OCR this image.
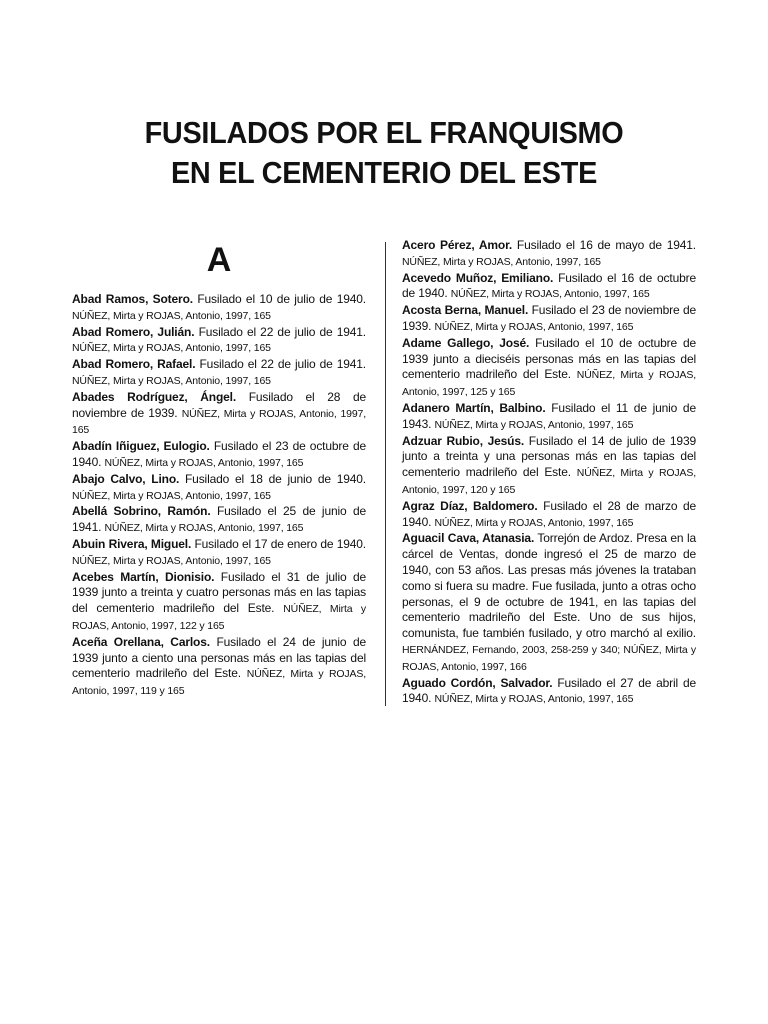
FUSILADOS POR EL FRANQUISMO
EN EL CEMENTERIO DEL ESTE
A

Abad Ramos, Sotero. Fusilado el 10 de julio de 1940. NÚÑEZ, Mirta y ROJAS, Antonio, 1997, 165

Abad Romero, Julián. Fusilado el 22 de julio de 1941. NÚÑEZ, Mirta y ROJAS, Antonio, 1997, 165

Abad Romero, Rafael. Fusilado el 22 de julio de 1941. NÚÑEZ, Mirta y ROJAS, Antonio, 1997, 165

Abades Rodríguez, Ángel. Fusilado el 28 de noviembre de 1939. NÚÑEZ, Mirta y ROJAS, Antonio, 1997, 165

Abadín Iñiguez, Eulogio. Fusilado el 23 de octubre de 1940. NÚÑEZ, Mirta y ROJAS, Antonio, 1997, 165

Abajo Calvo, Lino. Fusilado el 18 de junio de 1940. NÚÑEZ, Mirta y ROJAS, Antonio, 1997, 165

Abellá Sobrino, Ramón. Fusilado el 25 de junio de 1941. NÚÑEZ, Mirta y ROJAS, Antonio, 1997, 165

Abuin Rivera, Miguel. Fusilado el 17 de enero de 1940. NÚÑEZ, Mirta y ROJAS, Antonio, 1997, 165

Acebes Martín, Dionisio. Fusilado el 31 de julio de 1939 junto a treinta y cuatro personas más en las tapias del cementerio madrileño del Este. NÚÑEZ, Mirta y ROJAS, Antonio, 1997, 122 y 165

Aceña Orellana, Carlos. Fusilado el 24 de junio de 1939 junto a ciento una personas más en las tapias del cementerio madrileño del Este. NÚÑEZ, Mirta y ROJAS, Antonio, 1997, 119 y 165

Acero Pérez, Amor. Fusilado el 16 de mayo de 1941. NÚÑEZ, Mirta y ROJAS, Antonio, 1997, 165

Acevedo Muñoz, Emiliano. Fusilado el 16 de octubre de 1940. NÚÑEZ, Mirta y ROJAS, Antonio, 1997, 165

Acosta Berna, Manuel. Fusilado el 23 de noviembre de 1939. NÚÑEZ, Mirta y ROJAS, Antonio, 1997, 165

Adame Gallego, José. Fusilado el 10 de octubre de 1939 junto a dieciséis personas más en las tapias del cementerio madrileño del Este. NÚÑEZ, Mirta y ROJAS, Antonio, 1997, 125 y 165

Adanero Martín, Balbino. Fusilado el 11 de junio de 1943. NÚÑEZ, Mirta y ROJAS, Antonio, 1997, 165

Adzuar Rubio, Jesús. Fusilado el 14 de julio de 1939 junto a treinta y una personas más en las tapias del cementerio madrileño del Este. NÚÑEZ, Mirta y ROJAS, Antonio, 1997, 120 y 165

Agraz Díaz, Baldomero. Fusilado el 28 de marzo de 1940. NÚÑEZ, Mirta y ROJAS, Antonio, 1997, 165

Aguacil Cava, Atanasia. Torrejón de Ardoz. Presa en la cárcel de Ventas, donde ingresó el 25 de marzo de 1940, con 53 años. Las presas más jóvenes la trataban como si fuera su madre. Fue fusilada, junto a otras ocho personas, el 9 de octubre de 1941, en las tapias del cementerio madrileño del Este. Uno de sus hijos, comunista, fue también fusilado, y otro marchó al exilio. HERNÁNDEZ, Fernando, 2003, 258-259 y 340; NÚÑEZ, Mirta y ROJAS, Antonio, 1997, 166

Aguado Cordón, Salvador. Fusilado el 27 de abril de 1940. NÚÑEZ, Mirta y ROJAS, Antonio, 1997, 165
